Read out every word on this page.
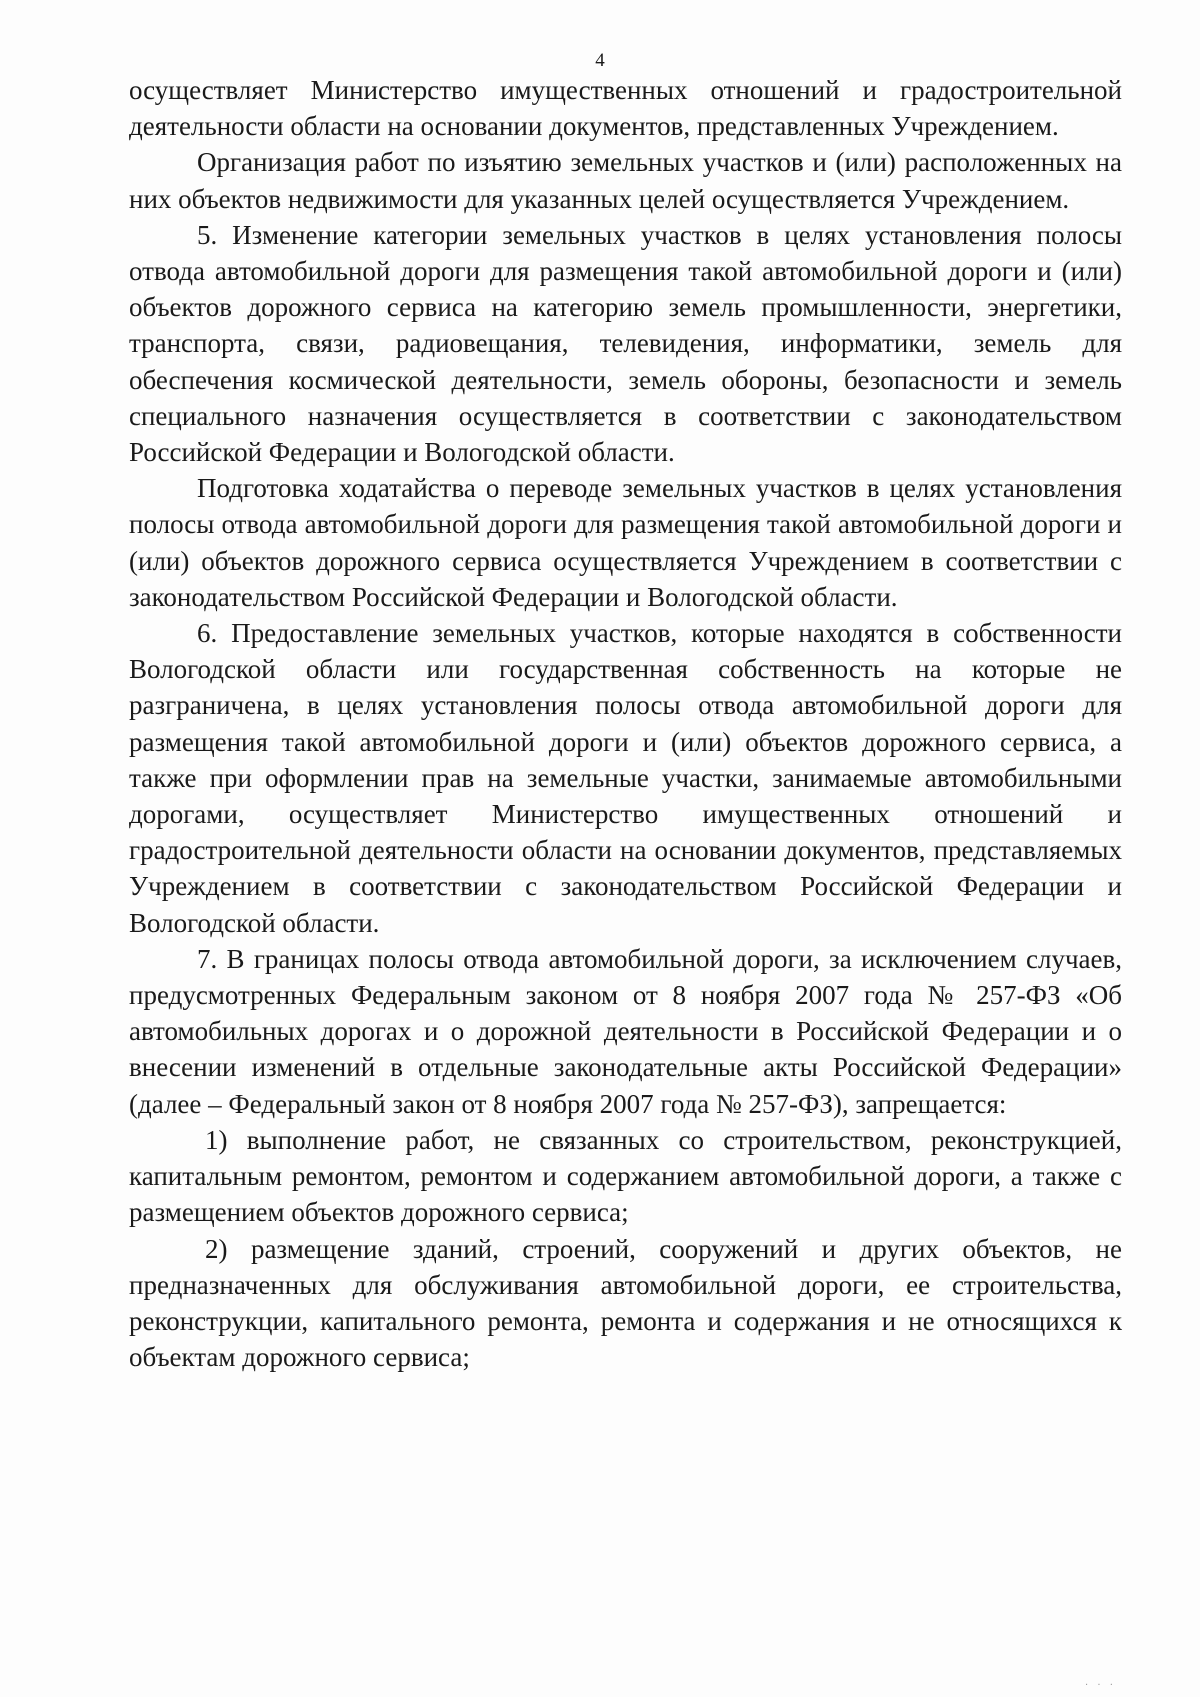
4

осуществляет Министерство имущественных отношений и градостроительной деятельности области на основании документов, представленных Учреждением.

Организация работ по изъятию земельных участков и (или) расположенных на них объектов недвижимости для указанных целей осуществляется Учреждением.

5. Изменение категории земельных участков в целях установления полосы отвода автомобильной дороги для размещения такой автомобильной дороги и (или) объектов дорожного сервиса на категорию земель промышленности, энергетики, транспорта, связи, радиовещания, телевидения, информатики, земель для обеспечения космической деятельности, земель обороны, безопасности и земель специального назначения осуществляется в соответствии с законодательством Российской Федерации и Вологодской области.

Подготовка ходатайства о переводе земельных участков в целях установления полосы отвода автомобильной дороги для размещения такой автомобильной дороги и (или) объектов дорожного сервиса осуществляется Учреждением в соответствии с законодательством Российской Федерации и Вологодской области.

6. Предоставление земельных участков, которые находятся в собственности Вологодской области или государственная собственность на которые не разграничена, в целях установления полосы отвода автомобильной дороги для размещения такой автомобильной дороги и (или) объектов дорожного сервиса, а также при оформлении прав на земельные участки, занимаемые автомобильными дорогами, осуществляет Министерство имущественных отношений и градостроительной деятельности области на основании документов, представляемых Учреждением в соответствии с законодательством Российской Федерации и Вологодской области.

7. В границах полосы отвода автомобильной дороги, за исключением случаев, предусмотренных Федеральным законом от 8 ноября 2007 года № 257-ФЗ «Об автомобильных дорогах и о дорожной деятельности в Российской Федерации и о внесении изменений в отдельные законодательные акты Российской Федерации» (далее – Федеральный закон от 8 ноября 2007 года № 257-ФЗ), запрещается:

1) выполнение работ, не связанных со строительством, реконструкцией, капитальным ремонтом, ремонтом и содержанием автомобильной дороги, а также с размещением объектов дорожного сервиса;

2) размещение зданий, строений, сооружений и других объектов, не предназначенных для обслуживания автомобильной дороги, ее строительства, реконструкции, капитального ремонта, ремонта и содержания и не относящихся к объектам дорожного сервиса;

· · ·
